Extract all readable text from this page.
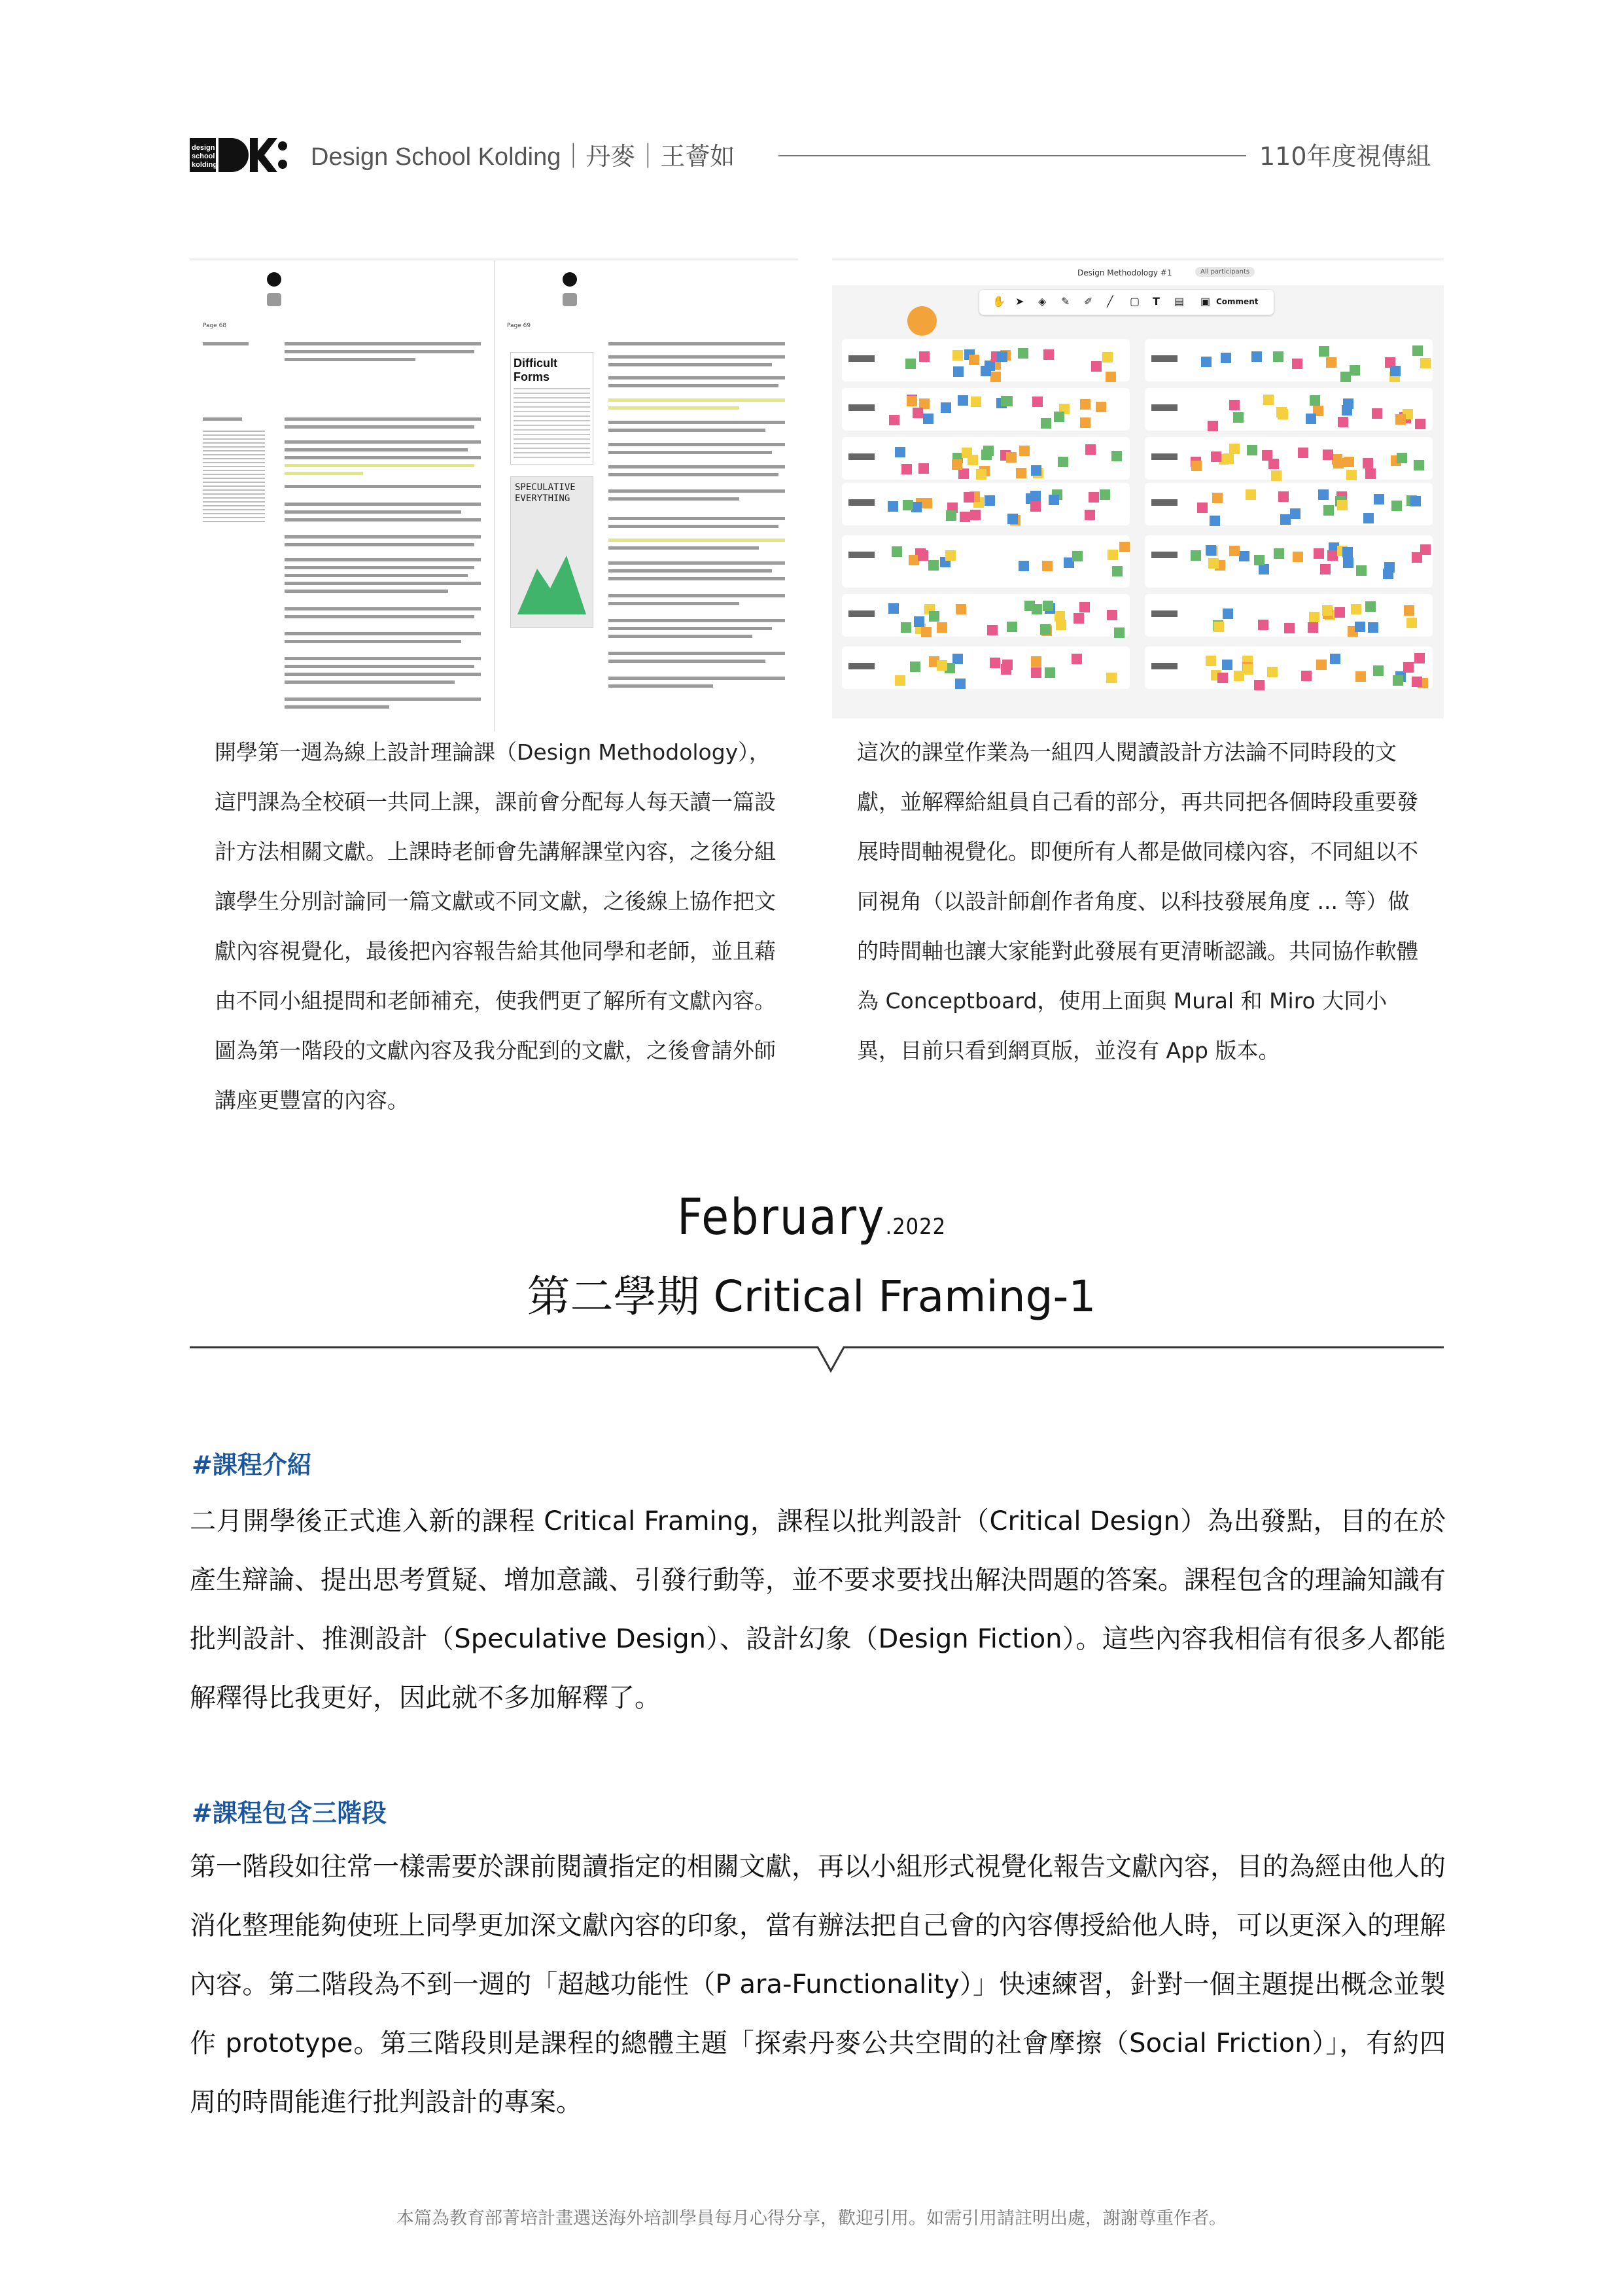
design
school
kolding	Design School Kolding｜丹麥｜王薈如	110年度視傳組
Page 68	Page 69
Difficult Forms
SPECULATIVE EVERYTHING
Design Methodology #1	All participants
✋ ➤ ◈ ✎ ✐ ╱ ▢ T ▤ ▣ Comment
開學第一週為線上設計理論課（Design Methodology），這門課為全校碩一共同上課，課前會分配每人每天讀一篇設計方法相關文獻。上課時老師會先講解課堂內容，之後分組讓學生分別討論同一篇文獻或不同文獻，之後線上協作把文獻內容視覺化，最後把內容報告給其他同學和老師，並且藉由不同小組提問和老師補充，使我們更了解所有文獻內容。圖為第一階段的文獻內容及我分配到的文獻，之後會請外師講座更豐富的內容。
這次的課堂作業為一組四人閱讀設計方法論不同時段的文獻，並解釋給組員自己看的部分，再共同把各個時段重要發展時間軸視覺化。即便所有人都是做同樣內容，不同組以不同視角（以設計師創作者角度、以科技發展角度 ... 等）做的時間軸也讓大家能對此發展有更清晰認識。共同協作軟體為 Conceptboard，使用上面與 Mural 和 Miro 大同小異，目前只看到網頁版，並沒有 App 版本。
February.2022
第二學期 Critical Framing-1
#課程介紹
二月開學後正式進入新的課程 Critical Framing，課程以批判設計（Critical Design）為出發點，目的在於產生辯論、提出思考質疑、增加意識、引發行動等，並不要求要找出解決問題的答案。課程包含的理論知識有批判設計、推測設計（Speculative Design）、設計幻象（Design Fiction）。這些內容我相信有很多人都能解釋得比我更好，因此就不多加解釋了。
#課程包含三階段
第一階段如往常一樣需要於課前閱讀指定的相關文獻，再以小組形式視覺化報告文獻內容，目的為經由他人的消化整理能夠使班上同學更加深文獻內容的印象，當有辦法把自己會的內容傳授給他人時，可以更深入的理解內容。第二階段為不到一週的「超越功能性（P ara-Functionality）」快速練習，針對一個主題提出概念並製作 prototype。第三階段則是課程的總體主題「探索丹麥公共空間的社會摩擦（Social Friction）」，有約四周的時間能進行批判設計的專案。
本篇為教育部菁培計畫選送海外培訓學員每月心得分享，歡迎引用。如需引用請註明出處，謝謝尊重作者。
